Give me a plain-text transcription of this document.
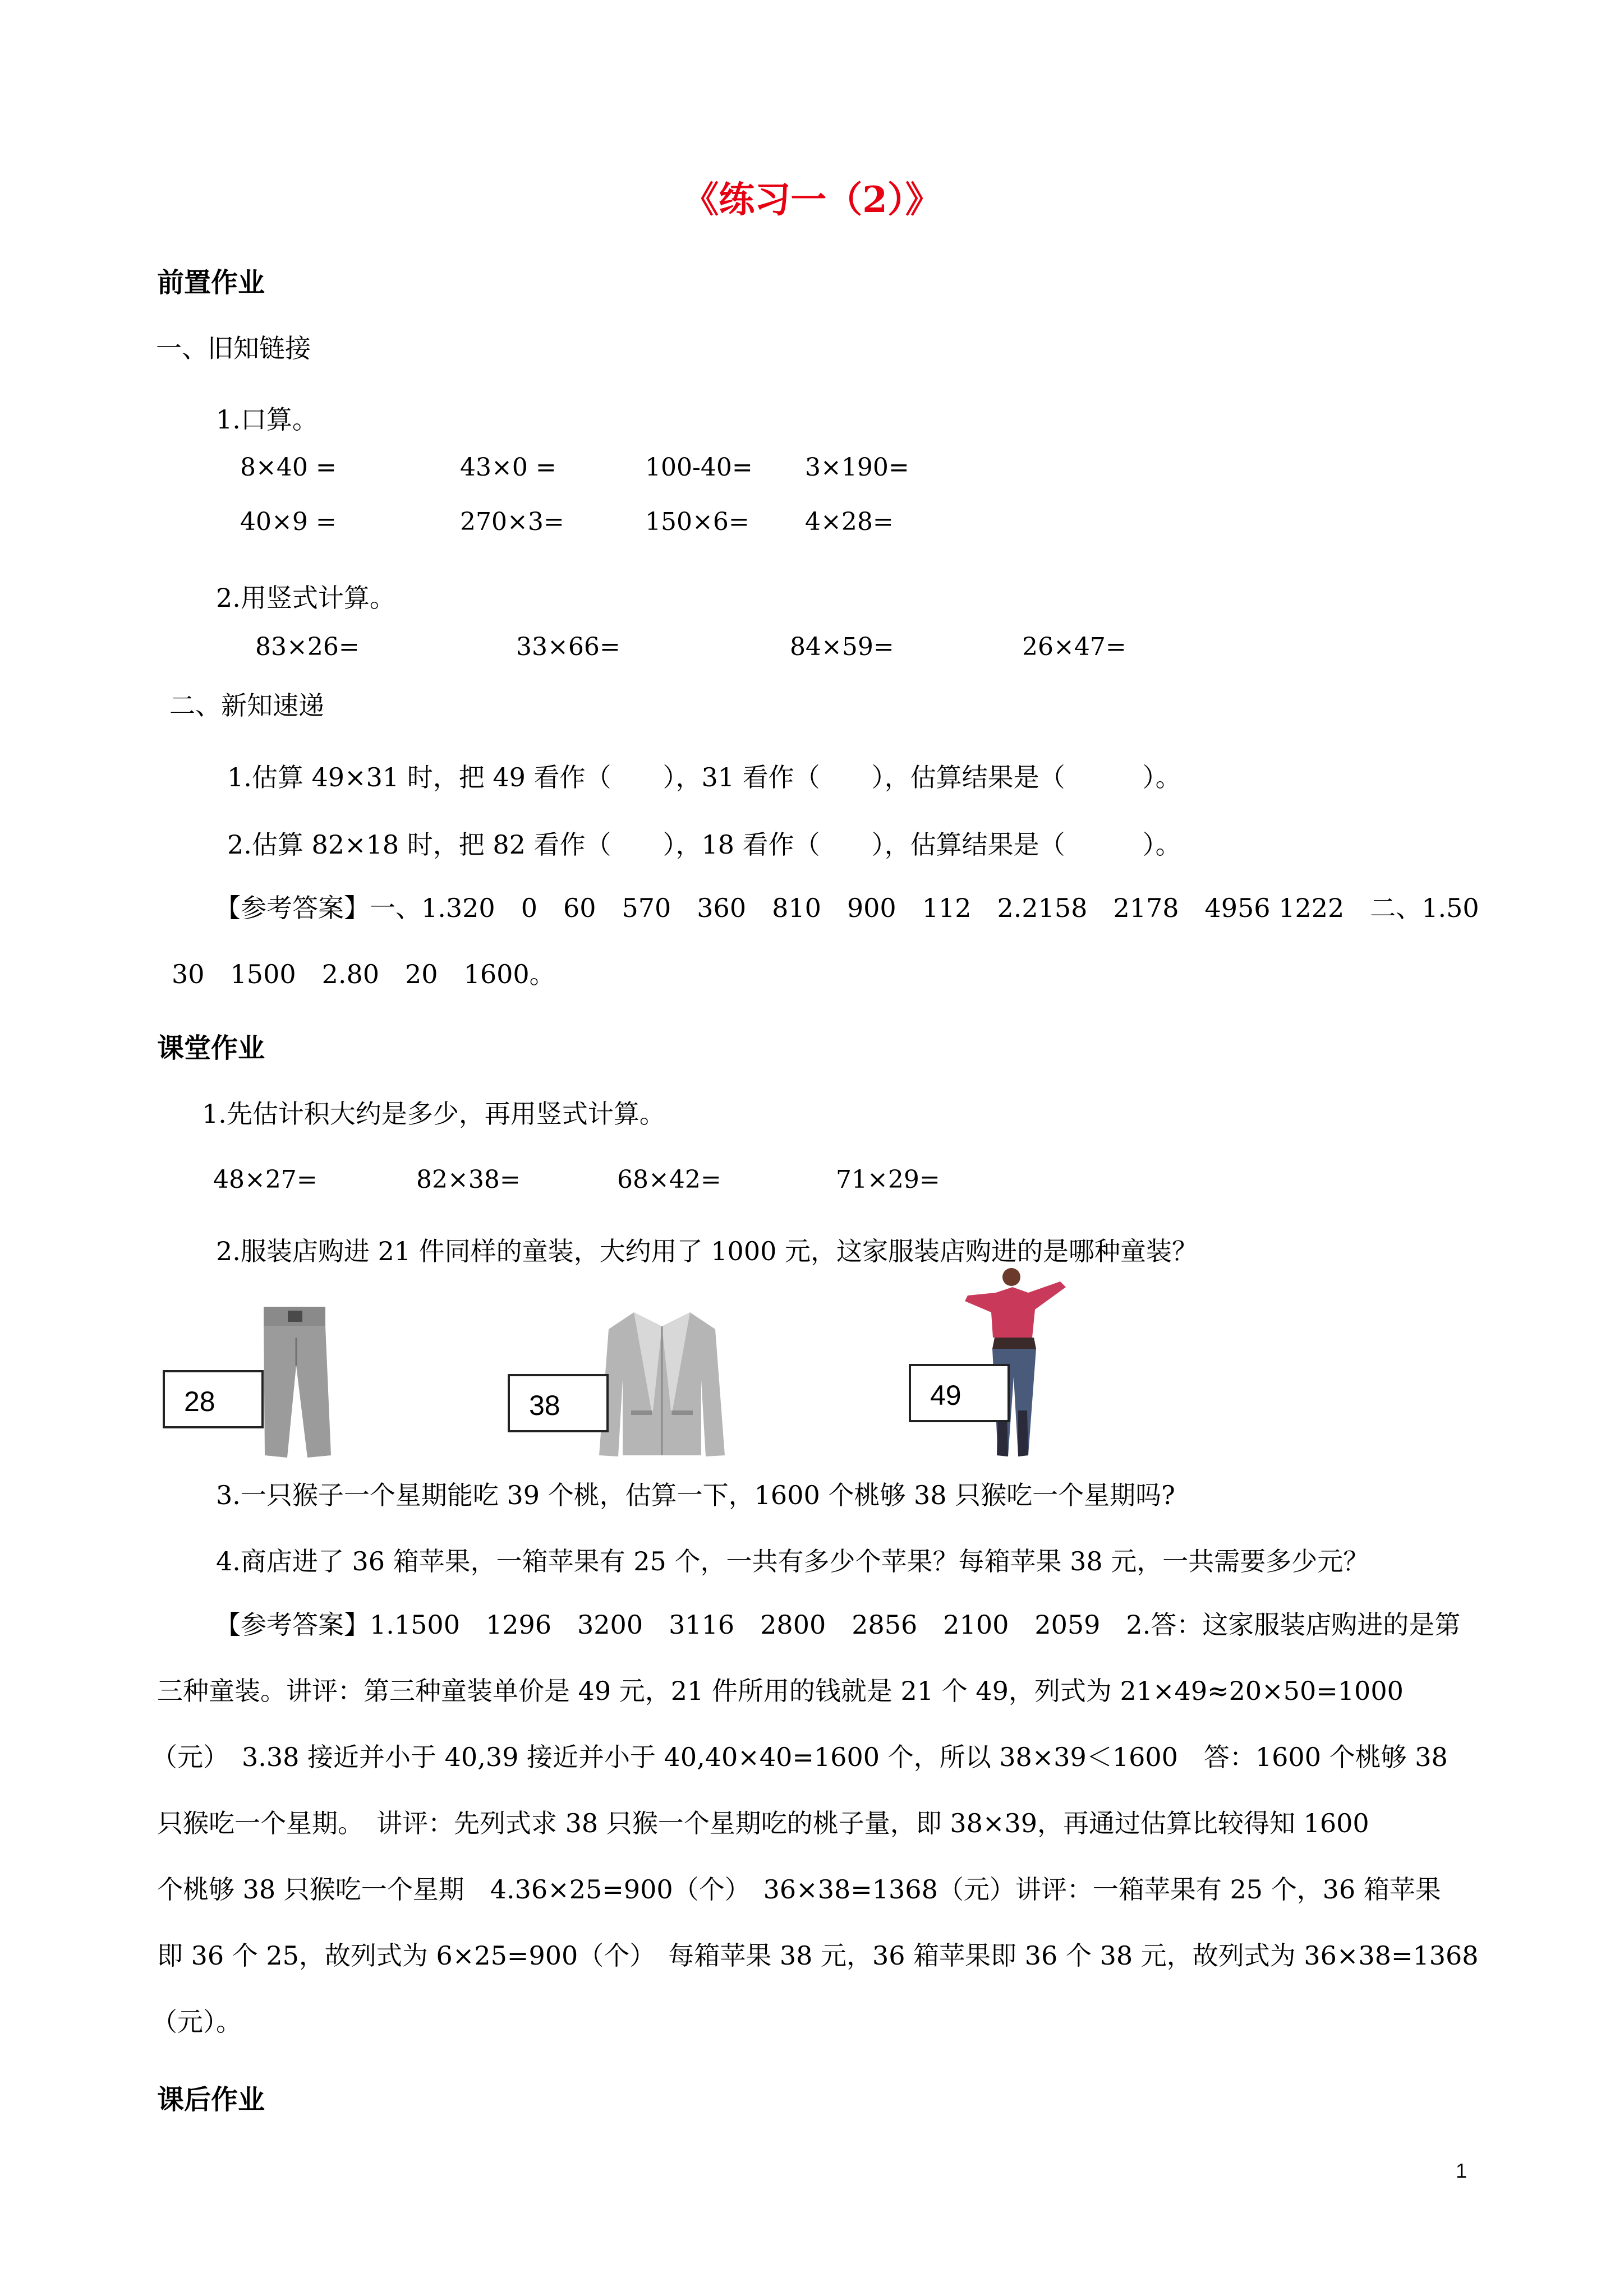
《练习一（2）》
前置作业
一、旧知链接
1.口算。
8×40 =	43×0 =	100-40= 3×190=
40×9 =	270×3=	150×6= 4×28=
2.用竖式计算。
83×26=	33×66=	84×59=	26×47=
二、新知速递
1.估算 49×31 时，把 49 看作（　　），31 看作（　　），估算结果是（　　　）。
2.估算 82×18 时，把 82 看作（　　），18 看作（　　），估算结果是（　　　）。
【参考答案】一、1.320　0　60　570　360　810　900　112　2.2158　2178　4956 1222　二、1.50
30　1500　2.80　20　1600。
课堂作业
1.先估计积大约是多少，再用竖式计算。
48×27=	82×38=	68×42=	71×29=
2.服装店购进 21 件同样的童装，大约用了 1000 元，这家服装店购进的是哪种童装？
28	38	49
3.一只猴子一个星期能吃 39 个桃，估算一下，1600 个桃够 38 只猴吃一个星期吗?
4.商店进了 36 箱苹果，一箱苹果有 25 个，一共有多少个苹果？每箱苹果 38 元，一共需要多少元？
【参考答案】1.1500　1296　3200　3116　2800　2856　2100　2059　2.答：这家服装店购进的是第
三种童装。讲评：第三种童装单价是 49 元，21 件所用的钱就是 21 个 49，列式为 21×49≈20×50=1000
（元）　3.38 接近并小于 40,39 接近并小于 40,40×40=1600 个，所以 38×39＜1600　答：1600 个桃够 38
只猴吃一个星期。　讲评：先列式求 38 只猴一个星期吃的桃子量，即 38×39，再通过估算比较得知 1600
个桃够 38 只猴吃一个星期　4.36×25=900（个）　36×38=1368（元）讲评：一箱苹果有 25 个，36 箱苹果
即 36 个 25，故列式为 6×25=900（个）　每箱苹果 38 元，36 箱苹果即 36 个 38 元，故列式为 36×38=1368
（元）。
课后作业
1
